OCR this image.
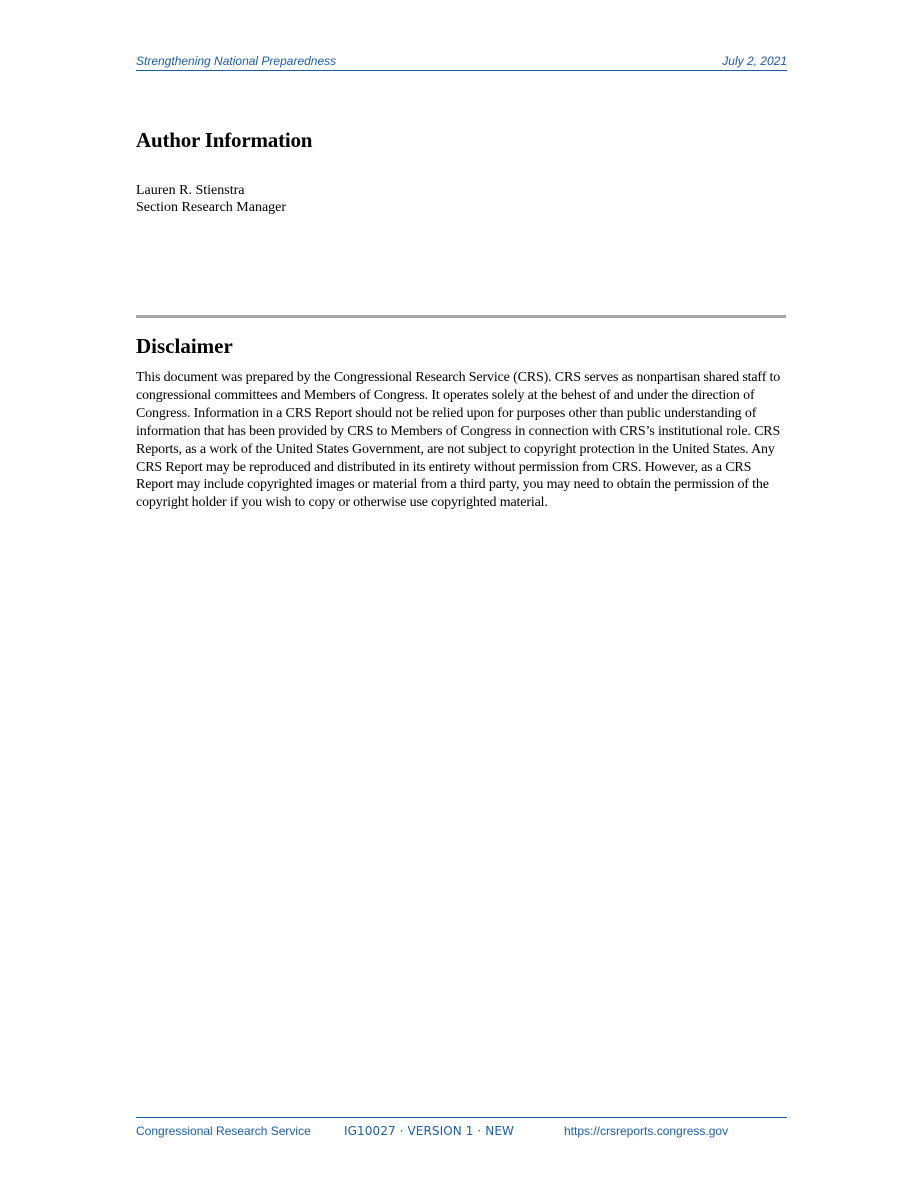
Strengthening National Preparedness	July 2, 2021
Author Information
Lauren R. Stienstra
Section Research Manager
Disclaimer

This document was prepared by the Congressional Research Service (CRS). CRS serves as nonpartisan shared staff to congressional committees and Members of Congress. It operates solely at the behest of and under the direction of Congress. Information in a CRS Report should not be relied upon for purposes other than public understanding of information that has been provided by CRS to Members of Congress in connection with CRS’s institutional role. CRS Reports, as a work of the United States Government, are not subject to copyright protection in the United States. Any CRS Report may be reproduced and distributed in its entirety without permission from CRS. However, as a CRS Report may include copyrighted images or material from a third party, you may need to obtain the permission of the copyright holder if you wish to copy or otherwise use copyrighted material.

Congressional Research Service	IG10027 · VERSION 1 · NEW	https://crsreports.congress.gov
